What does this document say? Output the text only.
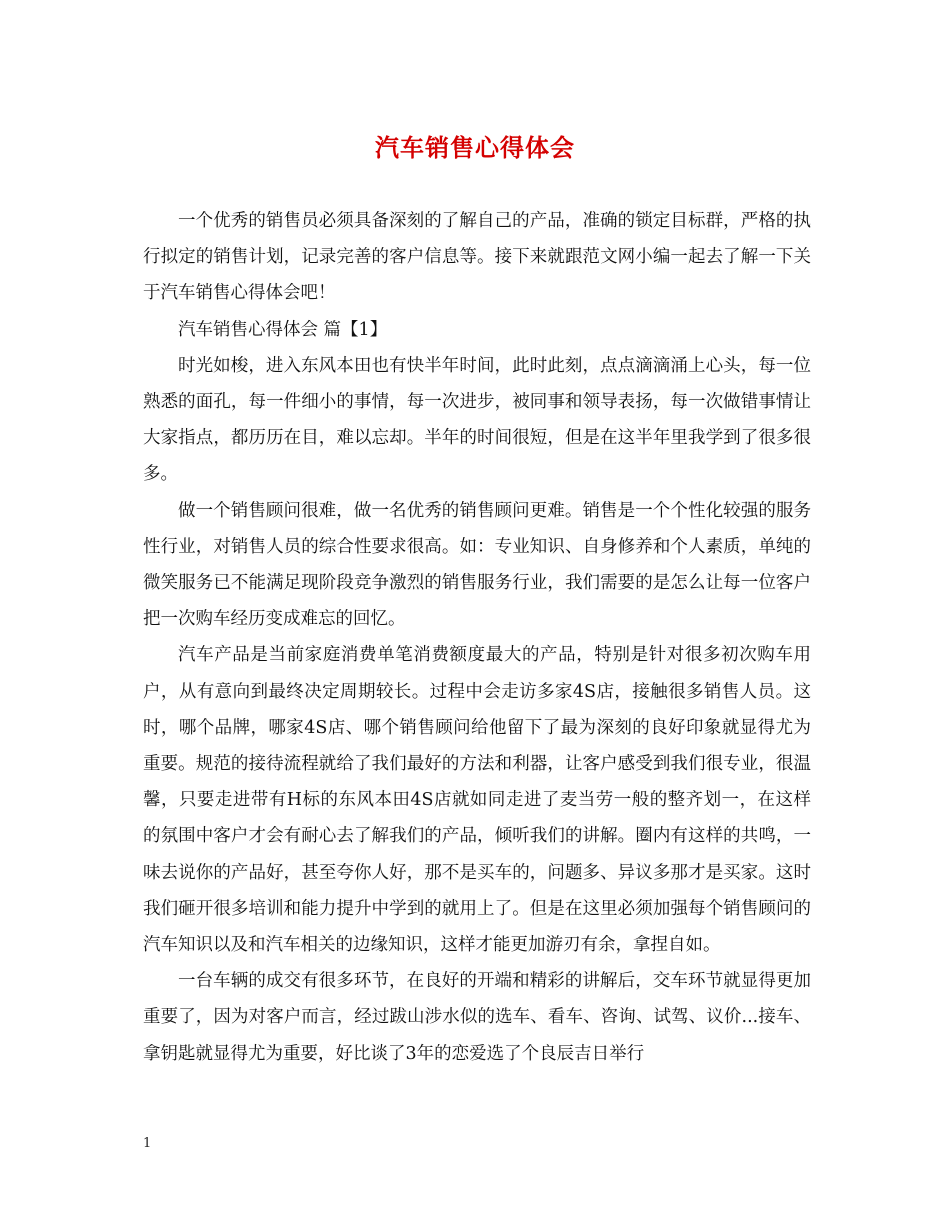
汽车销售心得体会

一个优秀的销售员必须具备深刻的了解自己的产品，准确的锁定目标群，严格的执行拟定的销售计划，记录完善的客户信息等。接下来就跟范文网小编一起去了解一下关于汽车销售心得体会吧！

汽车销售心得体会 篇【1】

时光如梭，进入东风本田也有快半年时间，此时此刻，点点滴滴涌上心头，每一位熟悉的面孔，每一件细小的事情，每一次进步，被同事和领导表扬，每一次做错事情让大家指点，都历历在目，难以忘却。半年的时间很短，但是在这半年里我学到了很多很多。

做一个销售顾问很难，做一名优秀的销售顾问更难。销售是一个个性化较强的服务性行业，对销售人员的综合性要求很高。如：专业知识、自身修养和个人素质，单纯的微笑服务已不能满足现阶段竞争激烈的销售服务行业，我们需要的是怎么让每一位客户把一次购车经历变成难忘的回忆。

汽车产品是当前家庭消费单笔消费额度最大的产品，特别是针对很多初次购车用户，从有意向到最终决定周期较长。过程中会走访多家4S店，接触很多销售人员。这时，哪个品牌，哪家4S店、哪个销售顾问给他留下了最为深刻的良好印象就显得尤为重要。规范的接待流程就给了我们最好的方法和利器，让客户感受到我们很专业，很温馨，只要走进带有H标的东风本田4S店就如同走进了麦当劳一般的整齐划一，在这样的氛围中客户才会有耐心去了解我们的产品，倾听我们的讲解。圈内有这样的共鸣，一味去说你的产品好，甚至夸你人好，那不是买车的，问题多、异议多那才是买家。这时我们砸开很多培训和能力提升中学到的就用上了。但是在这里必须加强每个销售顾问的汽车知识以及和汽车相关的边缘知识，这样才能更加游刃有余，拿捏自如。

一台车辆的成交有很多环节，在良好的开端和精彩的讲解后，交车环节就显得更加重要了，因为对客户而言，经过跋山涉水似的选车、看车、咨询、试驾、议价...接车、拿钥匙就显得尤为重要，好比谈了3年的恋爱选了个良辰吉日举行

1
